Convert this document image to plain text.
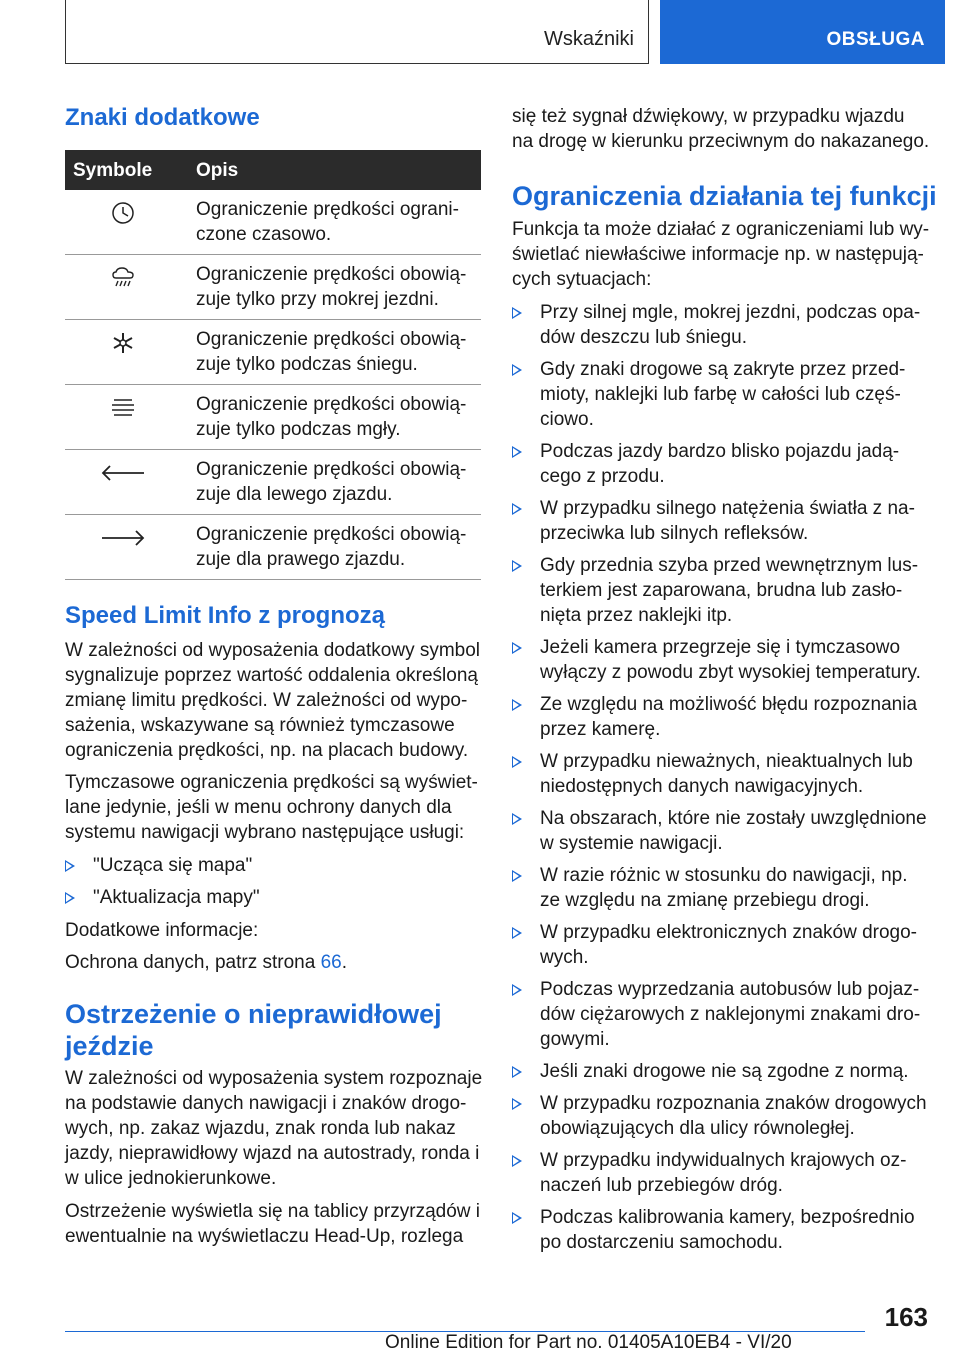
Wskaźniki	OBSŁUGA
Znaki dodatkowe
Symbole Opis
Ograniczenie prędkości ograni-
czone czasowo.
Ograniczenie prędkości obowią-
zuje tylko przy mokrej jezdni.
Ograniczenie prędkości obowią-
zuje tylko podczas śniegu.
Ograniczenie prędkości obowią-
zuje tylko podczas mgły.
Ograniczenie prędkości obowią-
zuje dla lewego zjazdu.
Ograniczenie prędkości obowią-
zuje dla prawego zjazdu.
Speed Limit Info z prognozą
W zależności od wyposażenia dodatkowy symbol
sygnalizuje poprzez wartość oddalenia określoną
zmianę limitu prędkości. W zależności od wypo-
sażenia, wskazywane są również tymczasowe
ograniczenia prędkości, np. na placach budowy.
Tymczasowe ograniczenia prędkości są wyświet-
lane jedynie, jeśli w menu ochrony danych dla
systemu nawigacji wybrano następujące usługi:
"Ucząca się mapa"
"Aktualizacja mapy"
Dodatkowe informacje:
Ochrona danych, patrz strona 66.
Ostrzeżenie o nieprawidłowej
jeździe
W zależności od wyposażenia system rozpoznaje
na podstawie danych nawigacji i znaków drogo-
wych, np. zakaz wjazdu, znak ronda lub nakaz
jazdy, nieprawidłowy wjazd na autostrady, ronda i
w ulice jednokierunkowe.
Ostrzeżenie wyświetla się na tablicy przyrządów i
ewentualnie na wyświetlaczu Head-Up, rozlega
się też sygnał dźwiękowy, w przypadku wjazdu
na drogę w kierunku przeciwnym do nakazanego.
Ograniczenia działania tej funkcji
Funkcja ta może działać z ograniczeniami lub wy-
świetlać niewłaściwe informacje np. w następują-
cych sytuacjach:
Przy silnej mgle, mokrej jezdni, podczas opa-
dów deszczu lub śniegu.
Gdy znaki drogowe są zakryte przez przed-
mioty, naklejki lub farbę w całości lub częś-
ciowo.
Podczas jazdy bardzo blisko pojazdu jadą-
cego z przodu.
W przypadku silnego natężenia światła z na-
przeciwka lub silnych refleksów.
Gdy przednia szyba przed wewnętrznym lus-
terkiem jest zaparowana, brudna lub zasło-
nięta przez naklejki itp.
Jeżeli kamera przegrzeje się i tymczasowo
wyłączy z powodu zbyt wysokiej temperatury.
Ze względu na możliwość błędu rozpoznania
przez kamerę.
W przypadku nieważnych, nieaktualnych lub
niedostępnych danych nawigacyjnych.
Na obszarach, które nie zostały uwzględnione
w systemie nawigacji.
W razie różnic w stosunku do nawigacji, np.
ze względu na zmianę przebiegu drogi.
W przypadku elektronicznych znaków drogo-
wych.
Podczas wyprzedzania autobusów lub pojaz-
dów ciężarowych z naklejonymi znakami dro-
gowymi.
Jeśli znaki drogowe nie są zgodne z normą.
W przypadku rozpoznania znaków drogowych
obowiązujących dla ulicy równoległej.
W przypadku indywidualnych krajowych oz-
naczeń lub przebiegów dróg.
Podczas kalibrowania kamery, bezpośrednio
po dostarczeniu samochodu.
163
Online Edition for Part no. 01405A10EB4 - VI/20
